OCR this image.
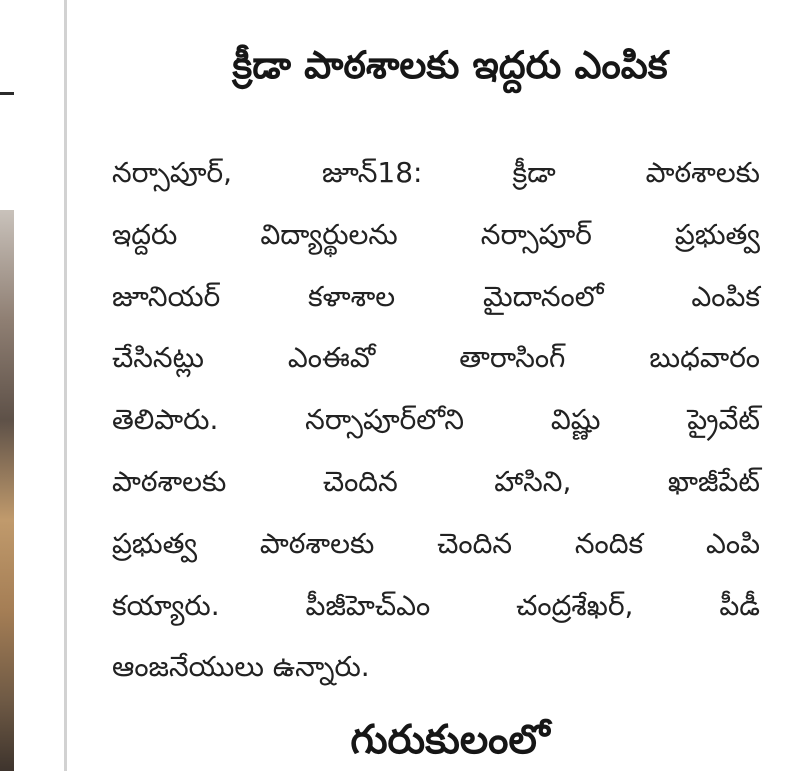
క్రీడా పాఠశాలకు ఇద్దరు ఎంపిక
నర్సాపూర్, జూన్18: క్రీడా పాఠశాలకు
ఇద్దరు విద్యార్థులను నర్సాపూర్ ప్రభుత్వ
జూనియర్ కళాశాల మైదానంలో ఎంపిక
చేసినట్లు ఎంఈవో తారాసింగ్ బుధవారం
తెలిపారు. నర్సాపూర్‌లోని విష్ణు ప్రైవేట్
పాఠశాలకు చెందిన హాసిని, ఖాజీపేట్
ప్రభుత్వ పాఠశాలకు చెందిన నందిక ఎంపి
కయ్యారు. పీజీహెచ్‌ఎం చంద్రశేఖర్, పీడీ
ఆంజనేయులు ఉన్నారు.
గురుకులంలో
